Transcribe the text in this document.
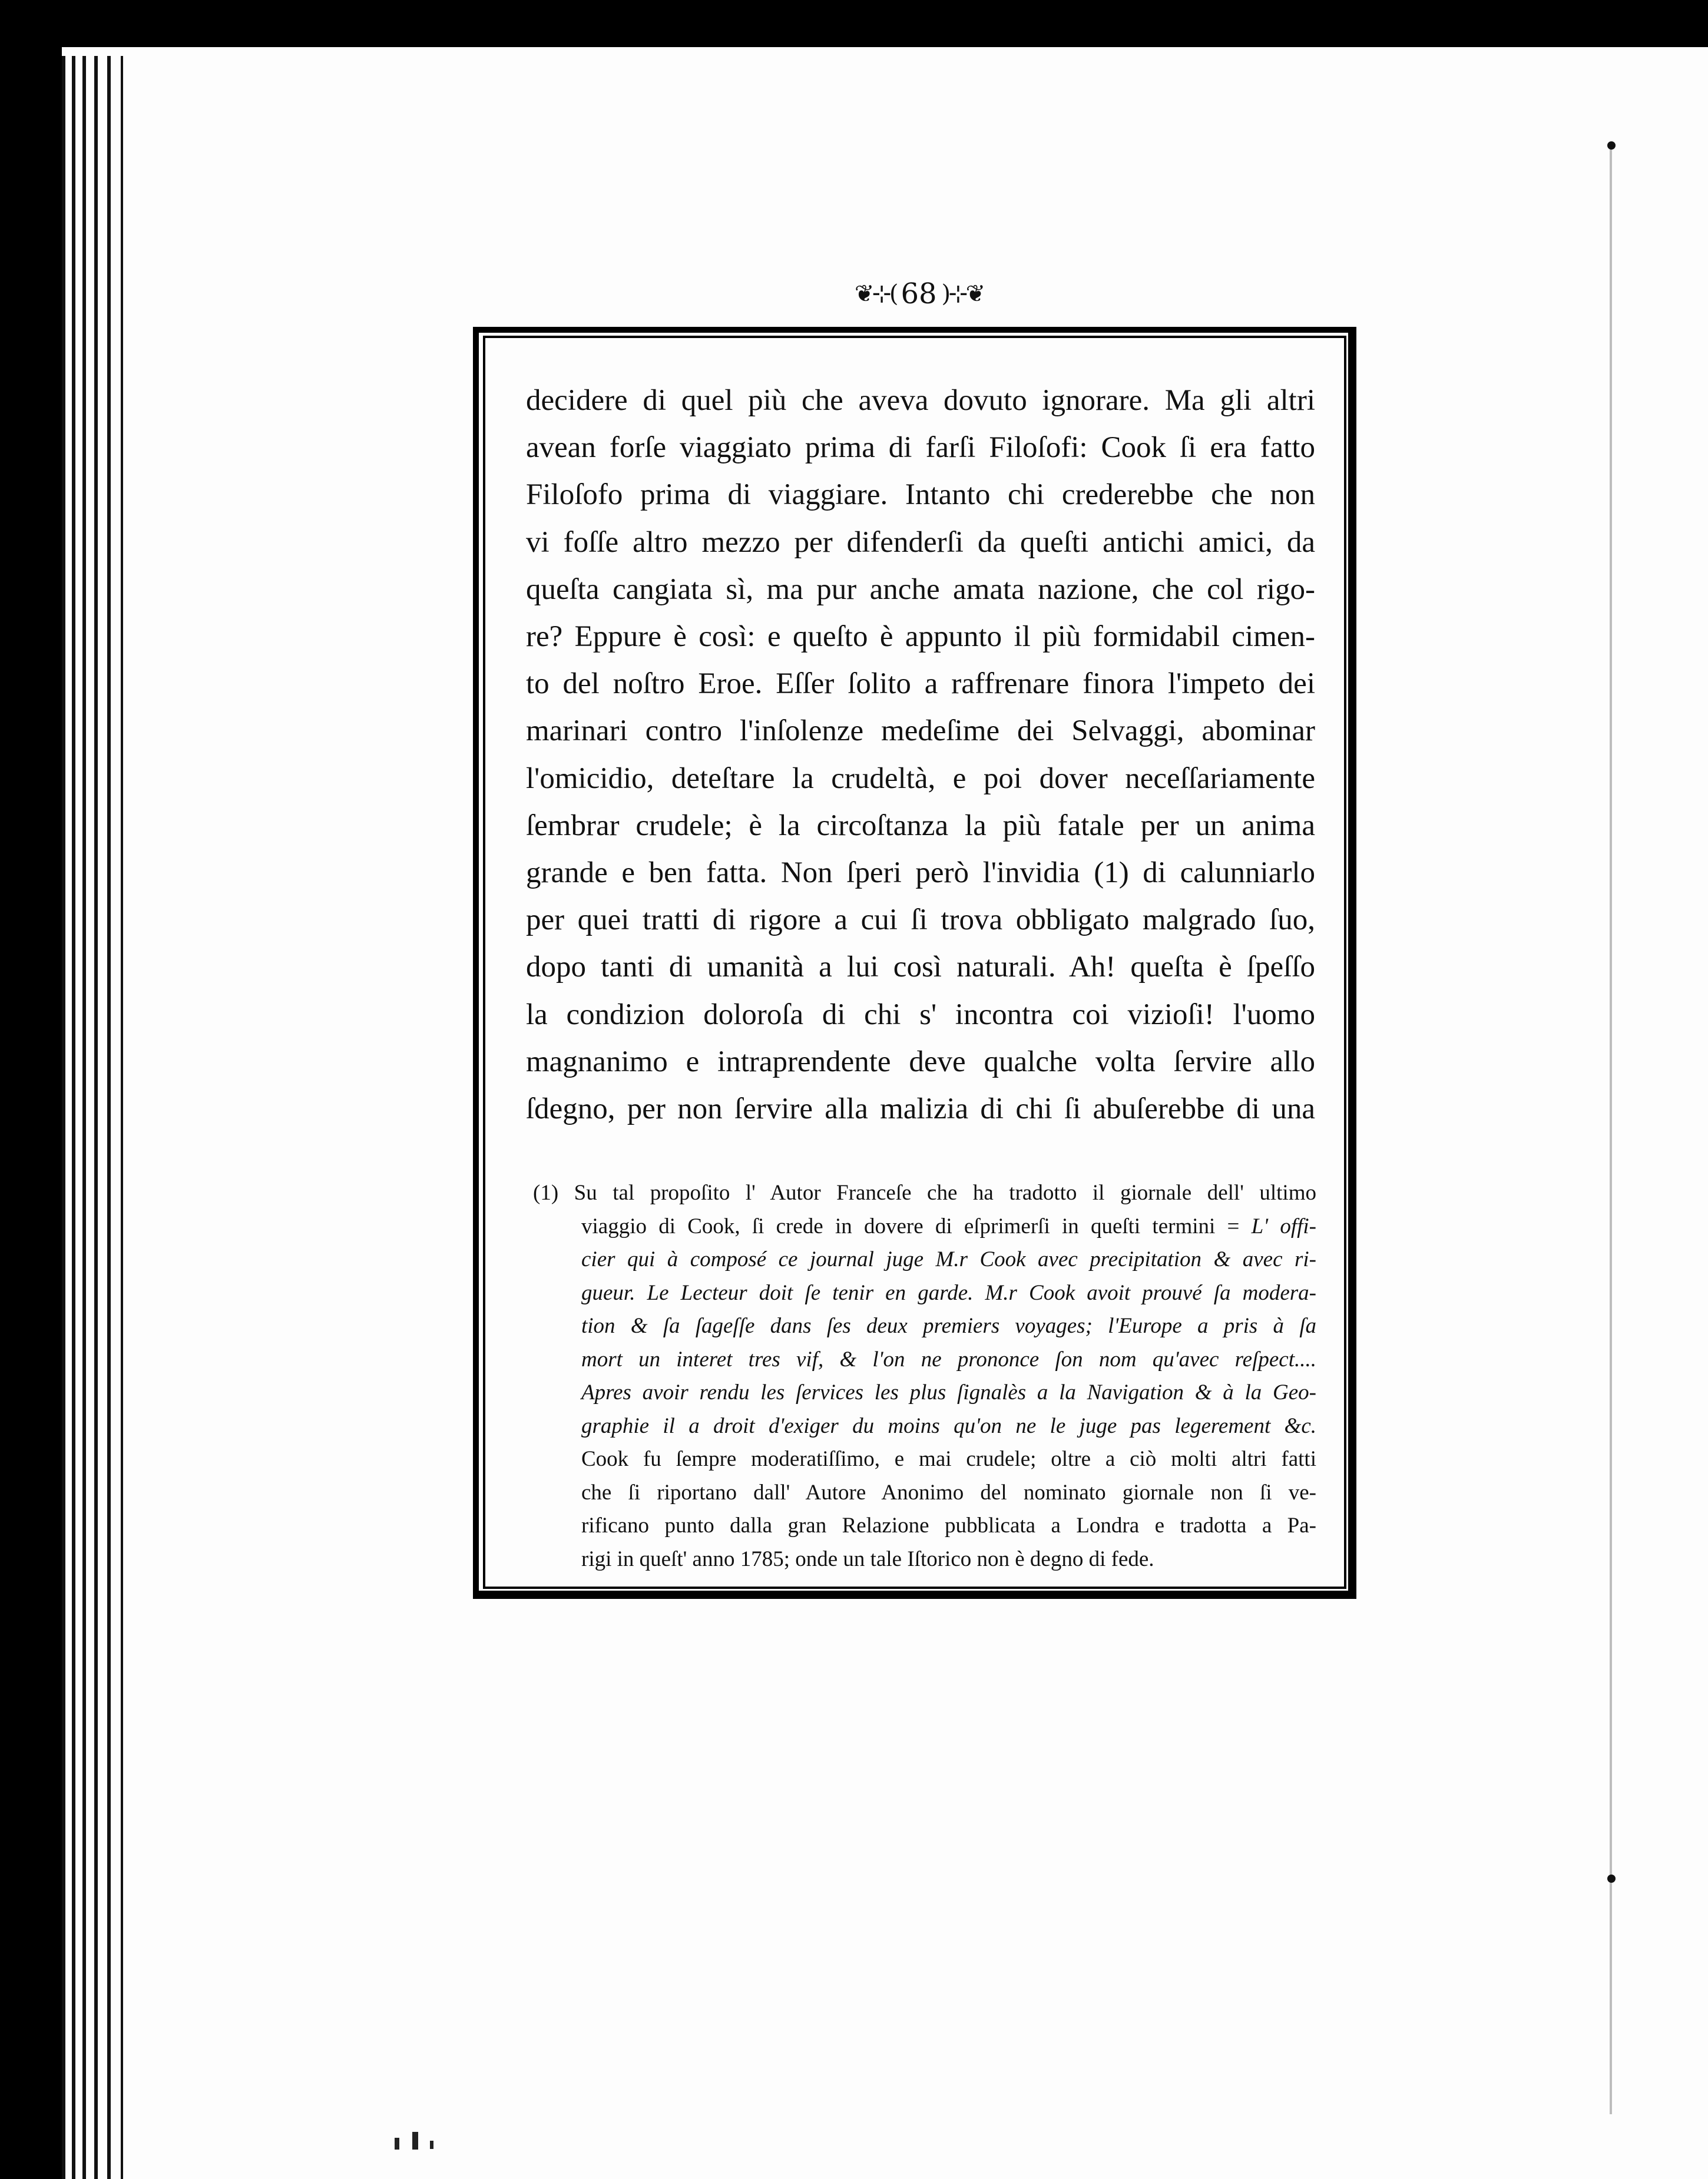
❦⊹( 68 )⊹❦
decidere di quel più che aveva dovuto ignorare. Ma gli altri
avean forſe viaggiato prima di farſi Filoſofi: Cook ſi era fatto
Filoſofo prima di viaggiare. Intanto chi crederebbe che non
vi foſſe altro mezzo per difenderſi da queſti antichi amici, da
queſta cangiata sì, ma pur anche amata nazione, che col rigo-
re? Eppure è così: e queſto è appunto il più formidabil cimen-
to del noſtro Eroe. Eſſer ſolito a raffrenare finora l'impeto dei
marinari contro l'inſolenze medeſime dei Selvaggi, abominar
l'omicidio, deteſtare la crudeltà, e poi dover neceſſariamente
ſembrar crudele; è la circoſtanza la più fatale per un anima
grande e ben fatta. Non ſperi però l'invidia (1) di calunniarlo
per quei tratti di rigore a cui ſi trova obbligato malgrado ſuo,
dopo tanti di umanità a lui così naturali. Ah! queſta è ſpeſſo
la condizion doloroſa di chi s' incontra coi vizioſi! l'uomo
magnanimo e intraprendente deve qualche volta ſervire allo
ſdegno, per non ſervire alla malizia di chi ſi abuſerebbe di una
(1) Su tal propoſito l' Autor Franceſe che ha tradotto il giornale dell' ultimo
viaggio di Cook, ſi crede in dovere di eſprimerſi in queſti termini = L' offi-
cier qui à composé ce journal juge M.r Cook avec precipitation & avec ri-
gueur. Le Lecteur doit ſe tenir en garde. M.r Cook avoit prouvé ſa modera-
tion & ſa ſageſſe dans ſes deux premiers voyages; l'Europe a pris à ſa
mort un interet tres vif, & l'on ne prononce ſon nom qu'avec reſpect....
Apres avoir rendu les ſervices les plus ſignalès a la Navigation & à la Geo-
graphie il a droit d'exiger du moins qu'on ne le juge pas legerement &c.
Cook fu ſempre moderatiſſimo, e mai crudele; oltre a ciò molti altri fatti
che ſi riportano dall' Autore Anonimo del nominato giornale non ſi ve-
rificano punto dalla gran Relazione pubblicata a Londra e tradotta a Pa-
rigi in queſt' anno 1785; onde un tale Iſtorico non è degno di fede.
